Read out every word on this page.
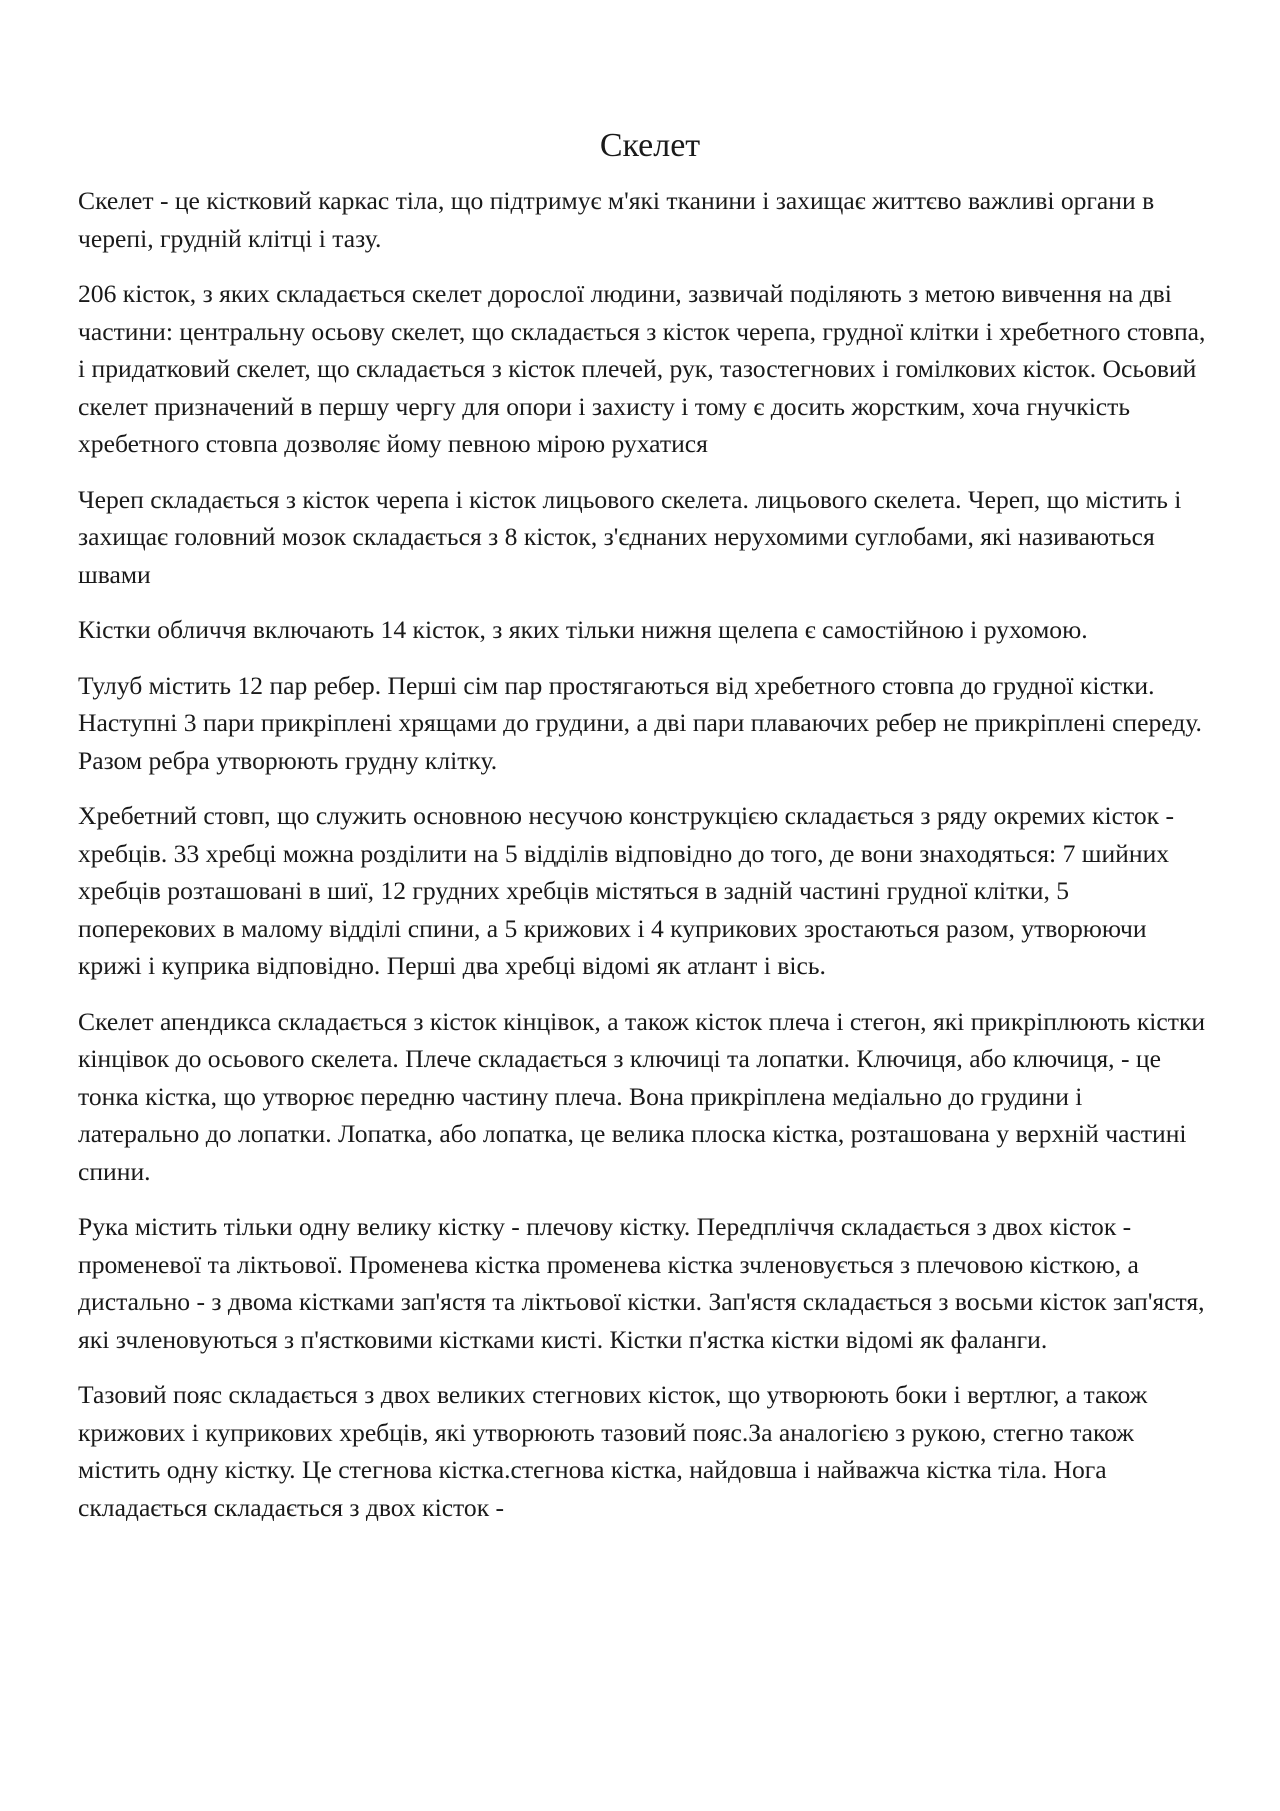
Скелет

Скелет - це кістковий каркас тіла, що підтримує м'які тканини і захищає життєво важливі органи в черепі, грудній клітці і тазу.

206 кісток, з яких складається скелет дорослої людини, зазвичай поділяють з метою вивчення на дві частини: центральну осьову скелет, що складається з кісток черепа, грудної клітки і хребетного стовпа, і придатковий скелет, що складається з кісток плечей, рук, тазостегнових і гомілкових кісток. Осьовий скелет призначений в першу чергу для опори і захисту і тому є досить жорстким, хоча гнучкість хребетного стовпа дозволяє йому певною мірою рухатися

Череп складається з кісток черепа і кісток лицьового скелета. лицьового скелета. Череп, що містить і захищає головний мозок складається з 8 кісток, з'єднаних нерухомими суглобами, які називаються швами

Кістки обличчя включають 14 кісток, з яких тільки нижня щелепа є самостійною і рухомою.

Тулуб містить 12 пар ребер. Перші сім пар простягаються від хребетного стовпа до грудної кістки. Наступні 3 пари прикріплені хрящами до грудини, а дві пари плаваючих ребер не прикріплені спереду. Разом ребра утворюють грудну клітку.

Хребетний стовп, що служить основною несучою конструкцією складається з ряду окремих кісток - хребців. 33 хребці можна розділити на 5 відділів відповідно до того, де вони знаходяться: 7 шийних хребців розташовані в шиї, 12 грудних хребців містяться в задній частині грудної клітки, 5 поперекових в малому відділі спини, а 5 крижових і 4 куприкових зростаються разом, утворюючи крижі і куприка відповідно. Перші два хребці відомі як атлант і вісь.

Скелет апендикса складається з кісток кінцівок, а також кісток плеча і стегон, які прикріплюють кістки кінцівок до осьового скелета. Плече складається з ключиці та лопатки. Ключиця, або ключиця, - це тонка кістка, що утворює передню частину плеча. Вона прикріплена медіально до грудини і латерально до лопатки. Лопатка, або лопатка, це велика плоска кістка, розташована у верхній частині спини.

Рука містить тільки одну велику кістку - плечову кістку. Передпліччя складається з двох кісток - променевої та ліктьової. Променева кістка променева кістка зчленовується з плечовою кісткою, а дистально - з двома кістками зап'ястя та ліктьової кістки. Зап'ястя складається з восьми кісток зап'ястя, які зчленовуються з п'ястковими кістками кисті. Кістки п'ястка кістки відомі як фаланги.

Тазовий пояс складається з двох великих стегнових кісток, що утворюють боки і вертлюг, а також крижових і куприкових хребців, які утворюють тазовий пояс.За аналогією з рукою, стегно також містить одну кістку. Це стегнова кістка.стегнова кістка, найдовша і найважча кістка тіла. Нога складається складається з двох кісток -
